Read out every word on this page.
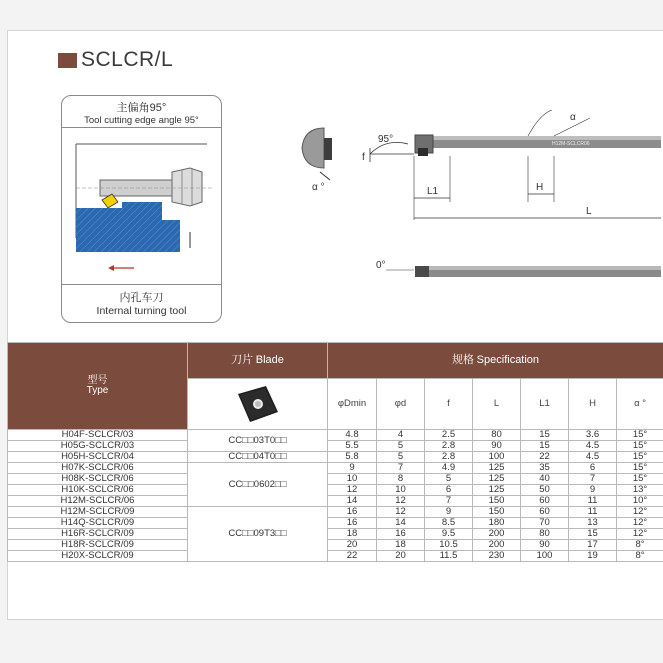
SCLCR/L
主偏角95°
Tool cutting edge angle 95°
内孔车刀
Internal turning tool
α °
H12M-SCLCR06
95°
f
L1	H
L
α
0°
型号
Type	刀片 Blade	规格 Specification						

	φDmin	φd	f	L	L1	H	α °
H04F-SCLCR/03	CC□□03T0□□	4.8	4	2.5	80	15	3.6	15°
H05G-SCLCR/03		5.5	5	2.8	90	15	4.5	15°
H05H-SCLCR/04	CC□□04T0□□	5.8	5	2.8	100	22	4.5	15°
H07K-SCLCR/06	CC□□0602□□	9	7	4.9	125	35	6	15°
H08K-SCLCR/06		10	8	5	125	40	7	15°
H10K-SCLCR/06		12	10	6	125	50	9	13°
H12M-SCLCR/06		14	12	7	150	60	11	10°
H12M-SCLCR/09	CC□□09T3□□	16	12	9	150	60	11	12°
H14Q-SCLCR/09		16	14	8.5	180	70	13	12°
H16R-SCLCR/09		18	16	9.5	200	80	15	12°
H18R-SCLCR/09		20	18	10.5	200	90	17	8°
H20X-SCLCR/09		22	20	11.5	230	100	19	8°
